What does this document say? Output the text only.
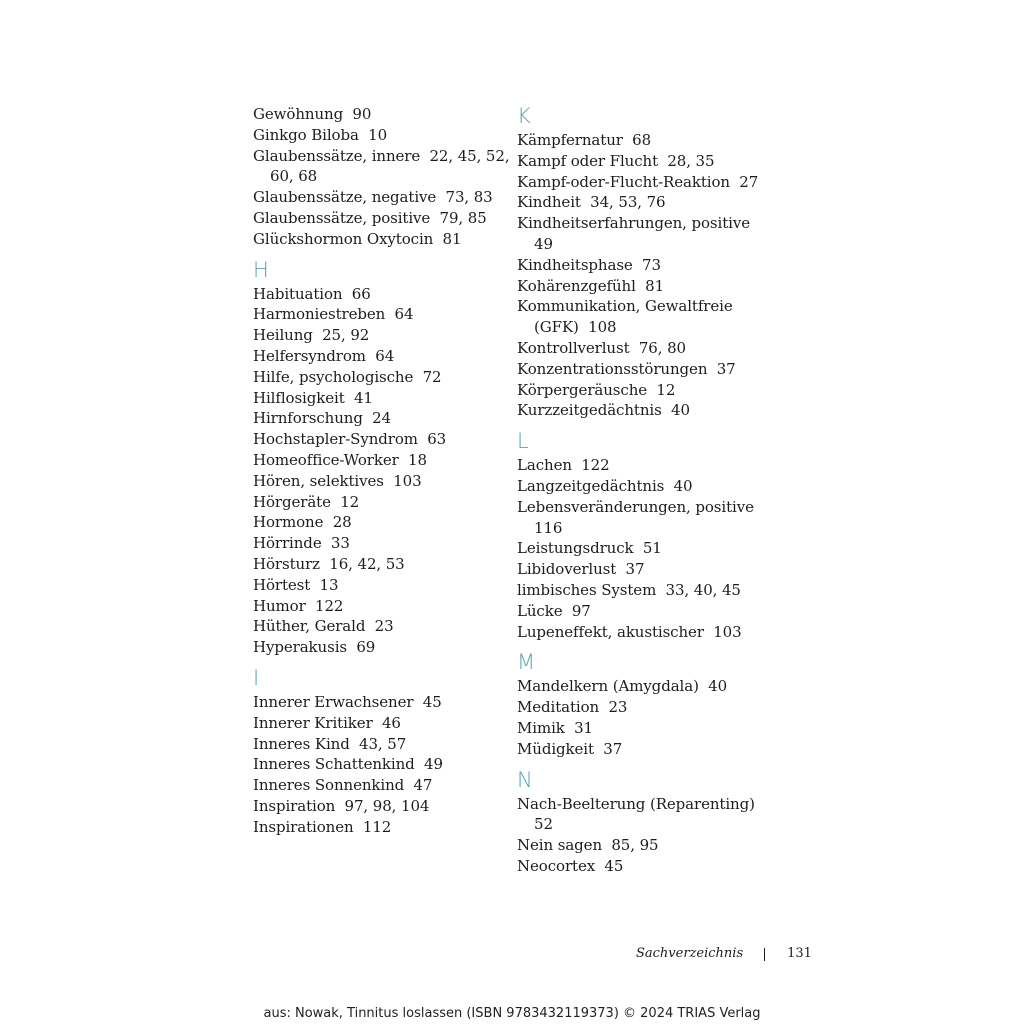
Gewöhnung  90
Ginkgo Biloba  10
Glaubenssätze, innere  22, 45, 52,
60, 68
Glaubenssätze, negative  73, 83
Glaubenssätze, positive  79, 85
Glückshormon Oxytocin  81
H
Habituation  66
Harmoniestreben  64
Heilung  25, 92
Helfersyndrom  64
Hilfe, psychologische  72
Hilflosigkeit  41
Hirnforschung  24
Hochstapler-Syndrom  63
Homeoffice-Worker  18
Hören, selektives  103
Hörgeräte  12
Hormone  28
Hörrinde  33
Hörsturz  16, 42, 53
Hörtest  13
Humor  122
Hüther, Gerald  23
Hyperakusis  69
I
Innerer Erwachsener  45
Innerer Kritiker  46
Inneres Kind  43, 57
Inneres Schattenkind  49
Inneres Sonnenkind  47
Inspiration  97, 98, 104
Inspirationen  112
K
Kämpfernatur  68
Kampf oder Flucht  28, 35
Kampf-oder-Flucht-Reaktion  27
Kindheit  34, 53, 76
Kindheitserfahrungen, positive
49
Kindheitsphase  73
Kohärenzgefühl  81
Kommunikation, Gewaltfreie
(GFK)  108
Kontrollverlust  76, 80
Konzentrationsstörungen  37
Körpergeräusche  12
Kurzzeitgedächtnis  40
L
Lachen  122
Langzeitgedächtnis  40
Lebensveränderungen, positive
116
Leistungsdruck  51
Libidoverlust  37
limbisches System  33, 40, 45
Lücke  97
Lupeneffekt, akustischer  103
M
Mandelkern (Amygdala)  40
Meditation  23
Mimik  31
Müdigkeit  37
N
Nach-Beelterung (Reparenting)
52
Nein sagen  85, 95
Neocortex  45
Sachverzeichnis	131
aus: Nowak, Tinnitus loslassen (ISBN 9783432119373) © 2024 TRIAS Verlag
